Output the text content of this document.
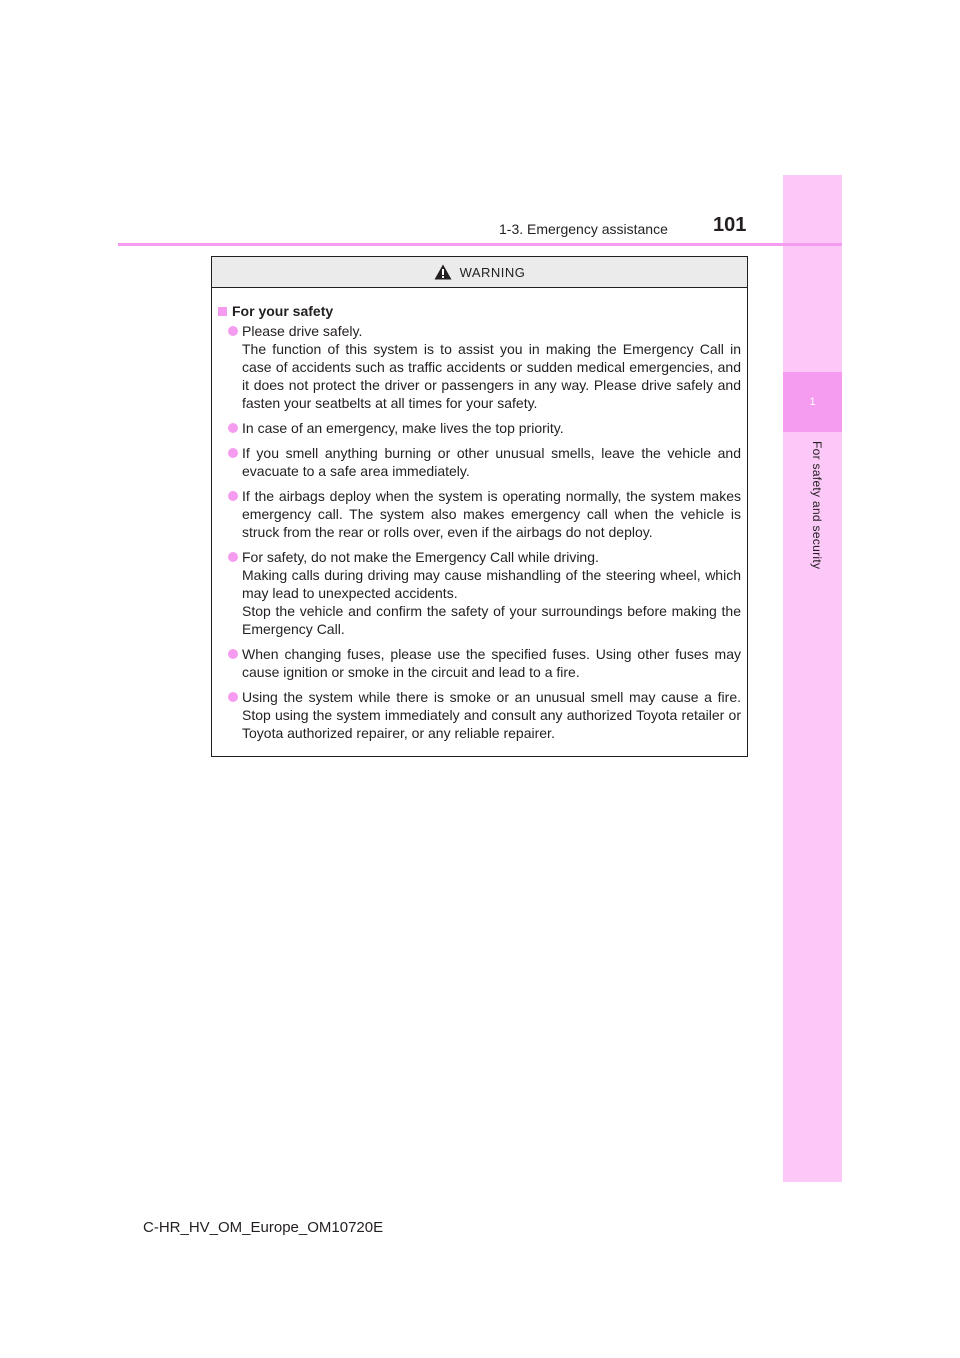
1
For safety and security
1-3. Emergency assistance 101
WARNING
For your safety

Please drive safely.

The function of this system is to assist you in making the Emergency Call in case of accidents such as traffic accidents or sudden medical emergencies, and it does not protect the driver or passengers in any way. Please drive safely and fasten your seatbelts at all times for your safety.

In case of an emergency, make lives the top priority.

If you smell anything burning or other unusual smells, leave the vehicle and evacuate to a safe area immediately.

If the airbags deploy when the system is operating normally, the system makes emergency call. The system also makes emergency call when the vehicle is struck from the rear or rolls over, even if the airbags do not deploy.

For safety, do not make the Emergency Call while driving.

Making calls during driving may cause mishandling of the steering wheel, which may lead to unexpected accidents.

Stop the vehicle and confirm the safety of your surroundings before making the Emergency Call.

When changing fuses, please use the specified fuses. Using other fuses may cause ignition or smoke in the circuit and lead to a fire.

Using the system while there is smoke or an unusual smell may cause a fire. Stop using the system immediately and consult any authorized Toyota retailer or Toyota authorized repairer, or any reliable repairer.

C-HR_HV_OM_Europe_OM10720E
